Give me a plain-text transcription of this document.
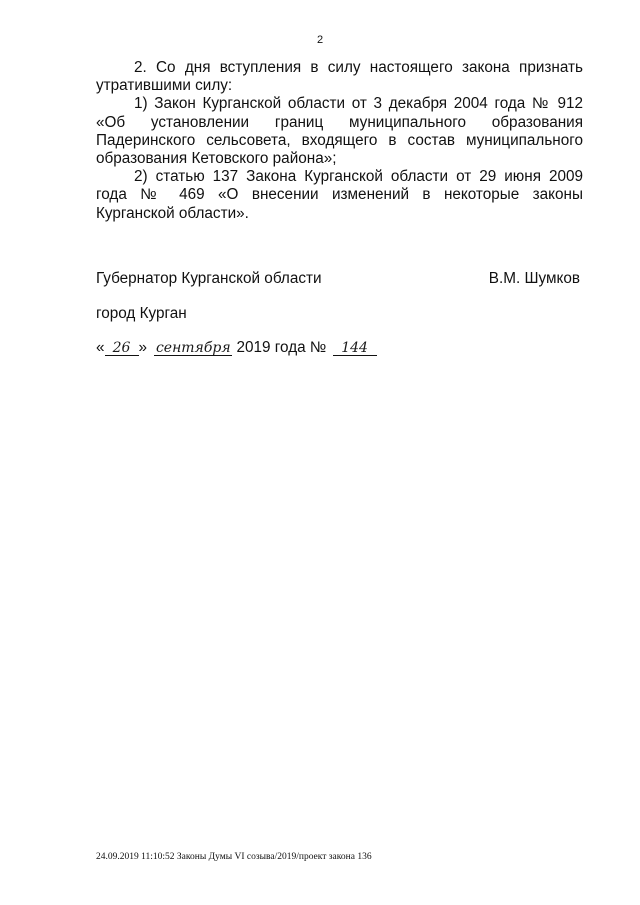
2

2. Со дня вступления в силу настоящего закона признать утратившими силу:

1) Закон Курганской области от 3 декабря 2004 года № 912 «Об установлении границ муниципального образования Падеринского сельсовета, входящего в состав муниципального образования Кетовского района»;

2) статью 137 Закона Курганской области от 29 июня 2009 года № 469 «О внесении изменений в некоторые законы Курганской области».

Губернатор Курганской области	В.М. Шумков
город Курган
« 26 » сентября 2019 года № 144
24.09.2019 11:10:52 Законы Думы VI созыва/2019/проект закона 136
